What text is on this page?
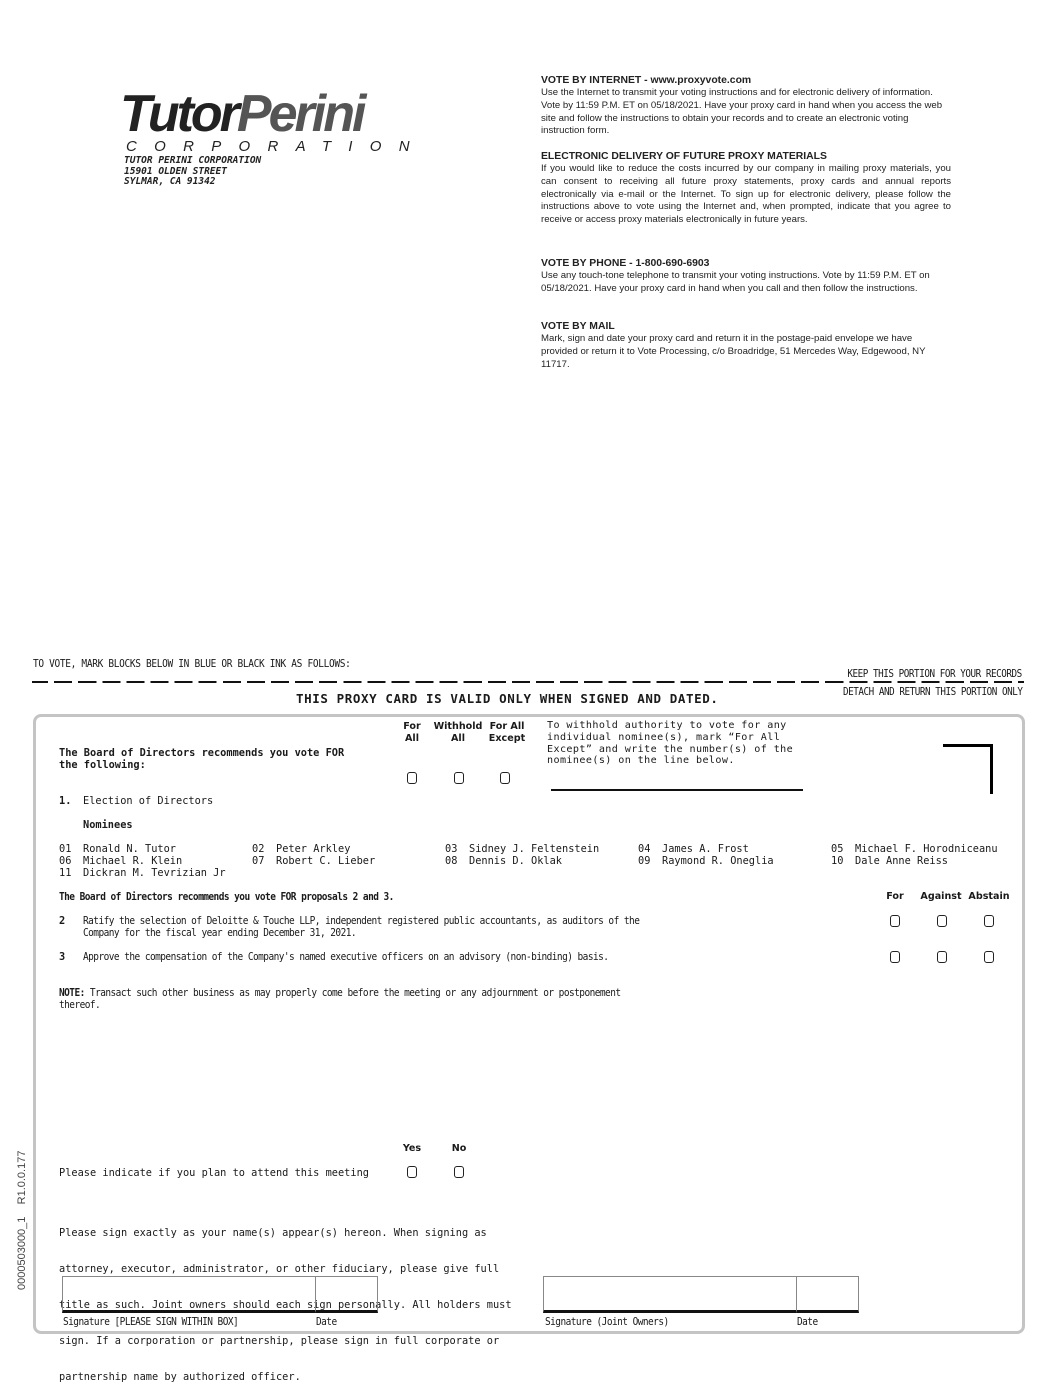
TutorPerini
CORPORATION
TUTOR PERINI CORPORATION
15901 OLDEN STREET
SYLMAR, CA 91342
VOTE BY INTERNET - www.proxyvote.com

Use the Internet to transmit your voting instructions and for electronic delivery of information. Vote by 11:59 P.M. ET on 05/18/2021. Have your proxy card in hand when you access the web site and follow the instructions to obtain your records and to create an electronic voting instruction form.

ELECTRONIC DELIVERY OF FUTURE PROXY MATERIALS

If you would like to reduce the costs incurred by our company in mailing proxy materials, you can consent to receiving all future proxy statements, proxy cards and annual reports electronically via e-mail or the Internet. To sign up for electronic delivery, please follow the instructions above to vote using the Internet and, when prompted, indicate that you agree to receive or access proxy materials electronically in future years.

VOTE BY PHONE - 1-800-690-6903

Use any touch-tone telephone to transmit your voting instructions. Vote by 11:59 P.M. ET on 05/18/2021. Have your proxy card in hand when you call and then follow the instructions.

VOTE BY MAIL

Mark, sign and date your proxy card and return it in the postage-paid envelope we have provided or return it to Vote Processing, c/o Broadridge, 51 Mercedes Way, Edgewood, NY 11717.

TO VOTE, MARK BLOCKS BELOW IN BLUE OR BLACK INK AS FOLLOWS:
KEEP THIS PORTION FOR YOUR RECORDS
DETACH AND RETURN THIS PORTION ONLY
THIS PROXY CARD IS VALID ONLY WHEN SIGNED AND DATED.
The Board of Directors recommends you vote FOR
the following:
For
All
Withhold
All
For All
Except
To withhold authority to vote for any
individual nominee(s), mark “For All
Except” and write the number(s) of the
nominee(s) on the line below.
1. Election of Directors
Nominees
01 Ronald N. Tutor	02 Peter Arkley	03 Sidney J. Feltenstein	04 James A. Frost	05 Michael F. Horodniceanu
06 Michael R. Klein	07 Robert C. Lieber	08 Dennis D. Oklak	09 Raymond R. Oneglia	10 Dale Anne Reiss
11 Dickran M. Tevrizian Jr
The Board of Directors recommends you vote FOR proposals 2 and 3.	For	Against Abstain
2 Ratify the selection of Deloitte & Touche LLP, independent registered public accountants, as auditors of the
Company for the fiscal year ending December 31, 2021.
3 Approve the compensation of the Company's named executive officers on an advisory (non-binding) basis.
NOTE: Transact such other business as may properly come before the meeting or any adjournment or postponement
thereof.
Yes	No
Please indicate if you plan to attend this meeting

Please sign exactly as your name(s) appear(s) hereon. When signing as

attorney, executor, administrator, or other fiduciary, please give full

title as such. Joint owners should each sign personally. All holders must

sign. If a corporation or partnership, please sign in full corporate or

partnership name by authorized officer.

Signature [PLEASE SIGN WITHIN BOX]	Date	Signature (Joint Owners)	Date
0000503000_1    R1.0.0.177
